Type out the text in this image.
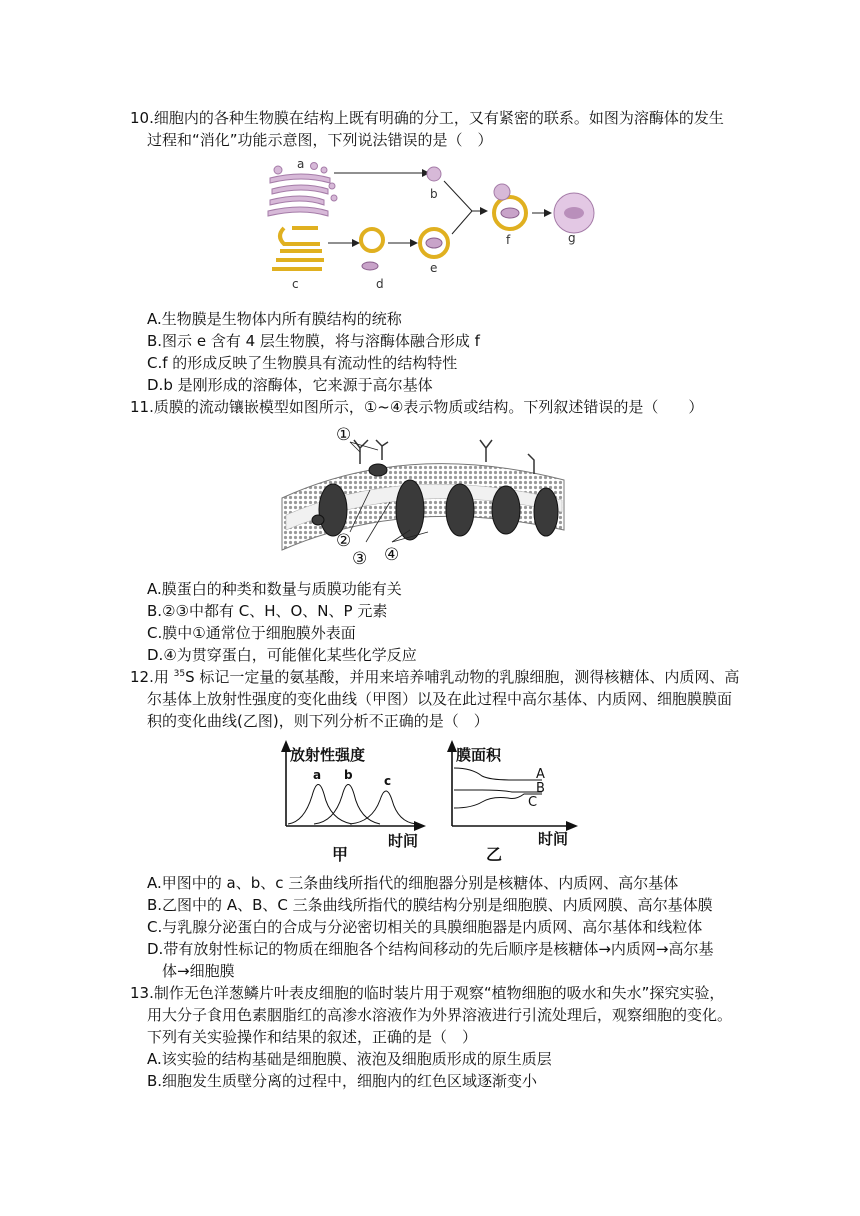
10.细胞内的各种生物膜在结构上既有明确的分工，又有紧密的联系。如图为溶酶体的发生
过程和“消化”功能示意图，下列说法错误的是（　）
a
b
c	d
e
f	g
A.生物膜是生物体内所有膜结构的统称
B.图示 e 含有 4 层生物膜，将与溶酶体融合形成 f
C.f 的形成反映了生物膜具有流动性的结构特性
D.b 是刚形成的溶酶体，它来源于高尔基体
11.质膜的流动镶嵌模型如图所示，①~④表示物质或结构。下列叙述错误的是（　　）
①
②
③ ④
A.膜蛋白的种类和数量与质膜功能有关
B.②③中都有 C、H、O、N、P 元素
C.膜中①通常位于细胞膜外表面
D.④为贯穿蛋白，可能催化某些化学反应
12.用 $^{35}$S 标记一定量的氨基酸，并用来培养哺乳动物的乳腺细胞，测得核糖体、内质网、高
尔基体上放射性强度的变化曲线（甲图）以及在此过程中高尔基体、内质网、细胞膜膜面
积的变化曲线(乙图)，则下列分析不正确的是（　）
放射性强度
时间
a b	c
甲
膜面积
时间
A
B
C
乙
A.甲图中的 a、b、c 三条曲线所指代的细胞器分别是核糖体、内质网、高尔基体
B.乙图中的 A、B、C 三条曲线所指代的膜结构分别是细胞膜、内质网膜、高尔基体膜
C.与乳腺分泌蛋白的合成与分泌密切相关的具膜细胞器是内质网、高尔基体和线粒体
D.带有放射性标记的物质在细胞各个结构间移动的先后顺序是核糖体→内质网→高尔基
体→细胞膜
13.制作无色洋葱鳞片叶表皮细胞的临时装片用于观察“植物细胞的吸水和失水”探究实验，
用大分子食用色素胭脂红的高渗水溶液作为外界溶液进行引流处理后，观察细胞的变化。
下列有关实验操作和结果的叙述，正确的是（　）
A.该实验的结构基础是细胞膜、液泡及细胞质形成的原生质层
B.细胞发生质壁分离的过程中，细胞内的红色区域逐渐变小
